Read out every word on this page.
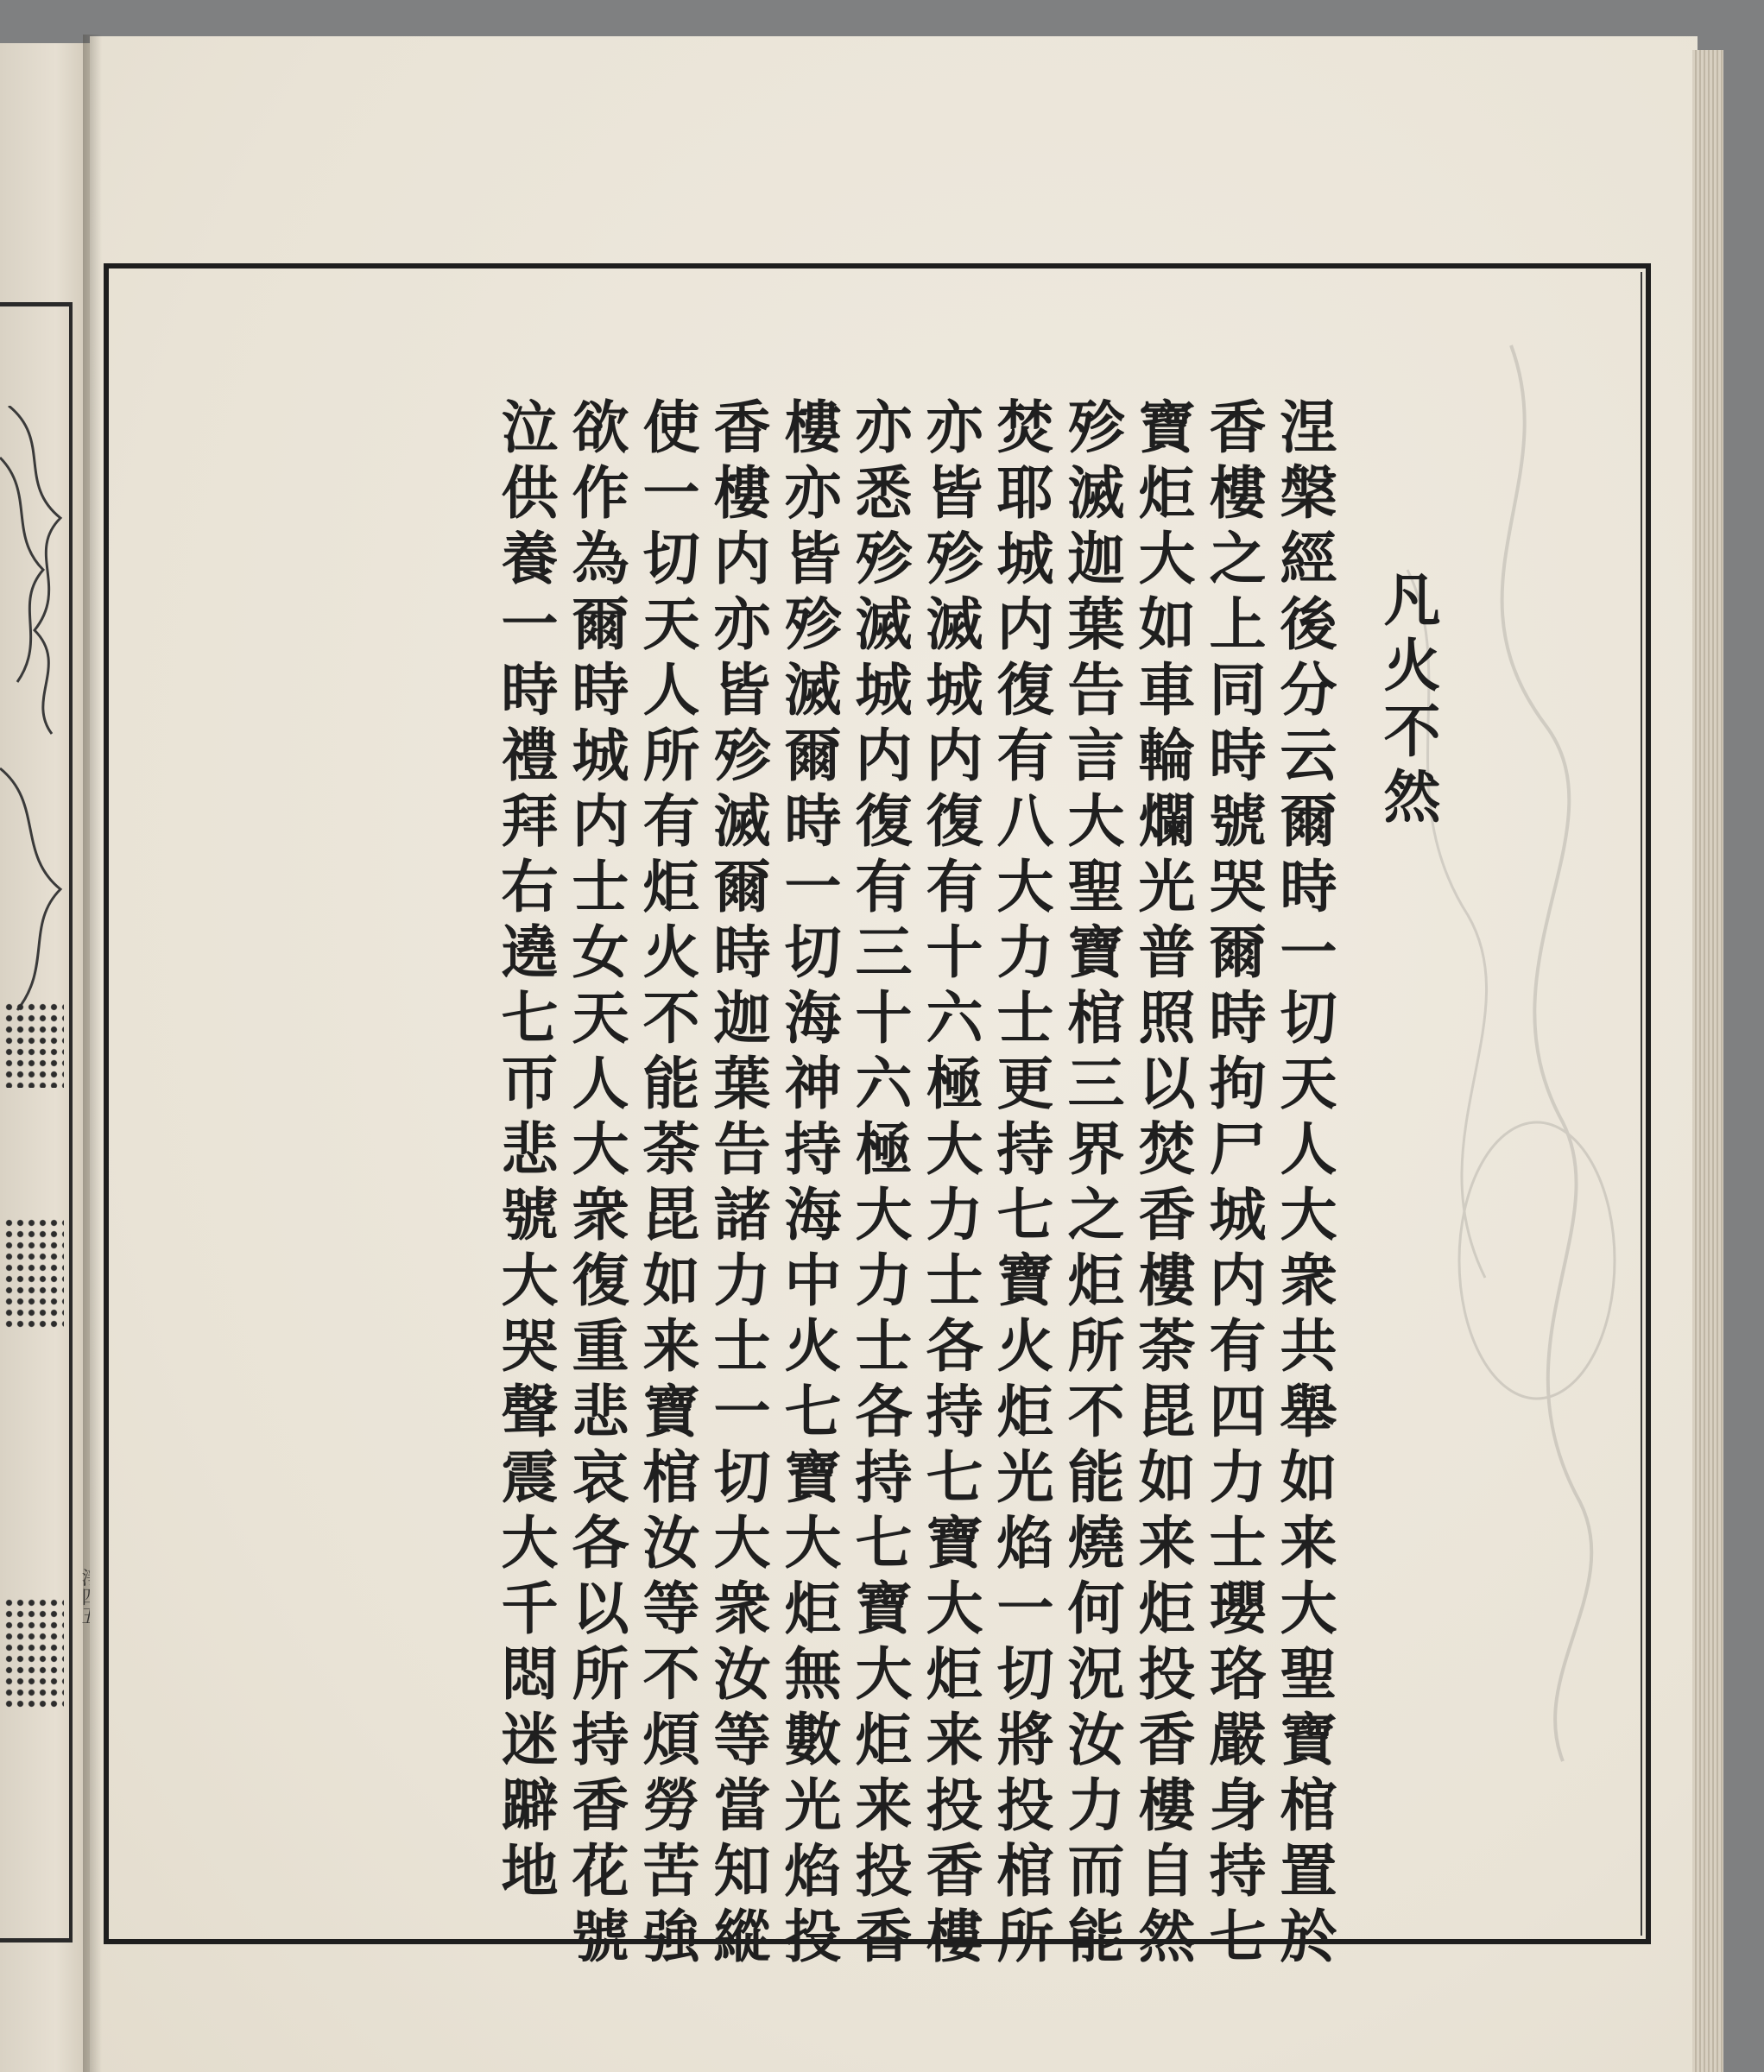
凡火不然
涅槃經後分云爾時一切天人大衆共舉如来大聖寶棺置於
香樓之上同時號哭爾時拘尸城内有四力士瓔珞嚴身持七
寶炬大如車輪爛光普照以焚香樓荼毘如来炬投香樓自然
殄滅迦葉告言大聖寶棺三界之炬所不能燒何況汝力而能
焚耶城内復有八大力士更持七寶火炬光焰一切將投棺所
亦皆殄滅城内復有十六極大力士各持七寶大炬来投香樓
亦悉殄滅城内復有三十六極大力士各持七寶大炬来投香
樓亦皆殄滅爾時一切海神持海中火七寶大炬無數光焰投
香樓内亦皆殄滅爾時迦葉告諸力士一切大衆汝等當知縱
使一切天人所有炬火不能荼毘如来寶棺汝等不煩勞苦強
欲作為爾時城内士女天人大衆復重悲哀各以所持香花號
泣供養一時禮拜右遶七帀悲號大哭聲震大千悶迷躃地
